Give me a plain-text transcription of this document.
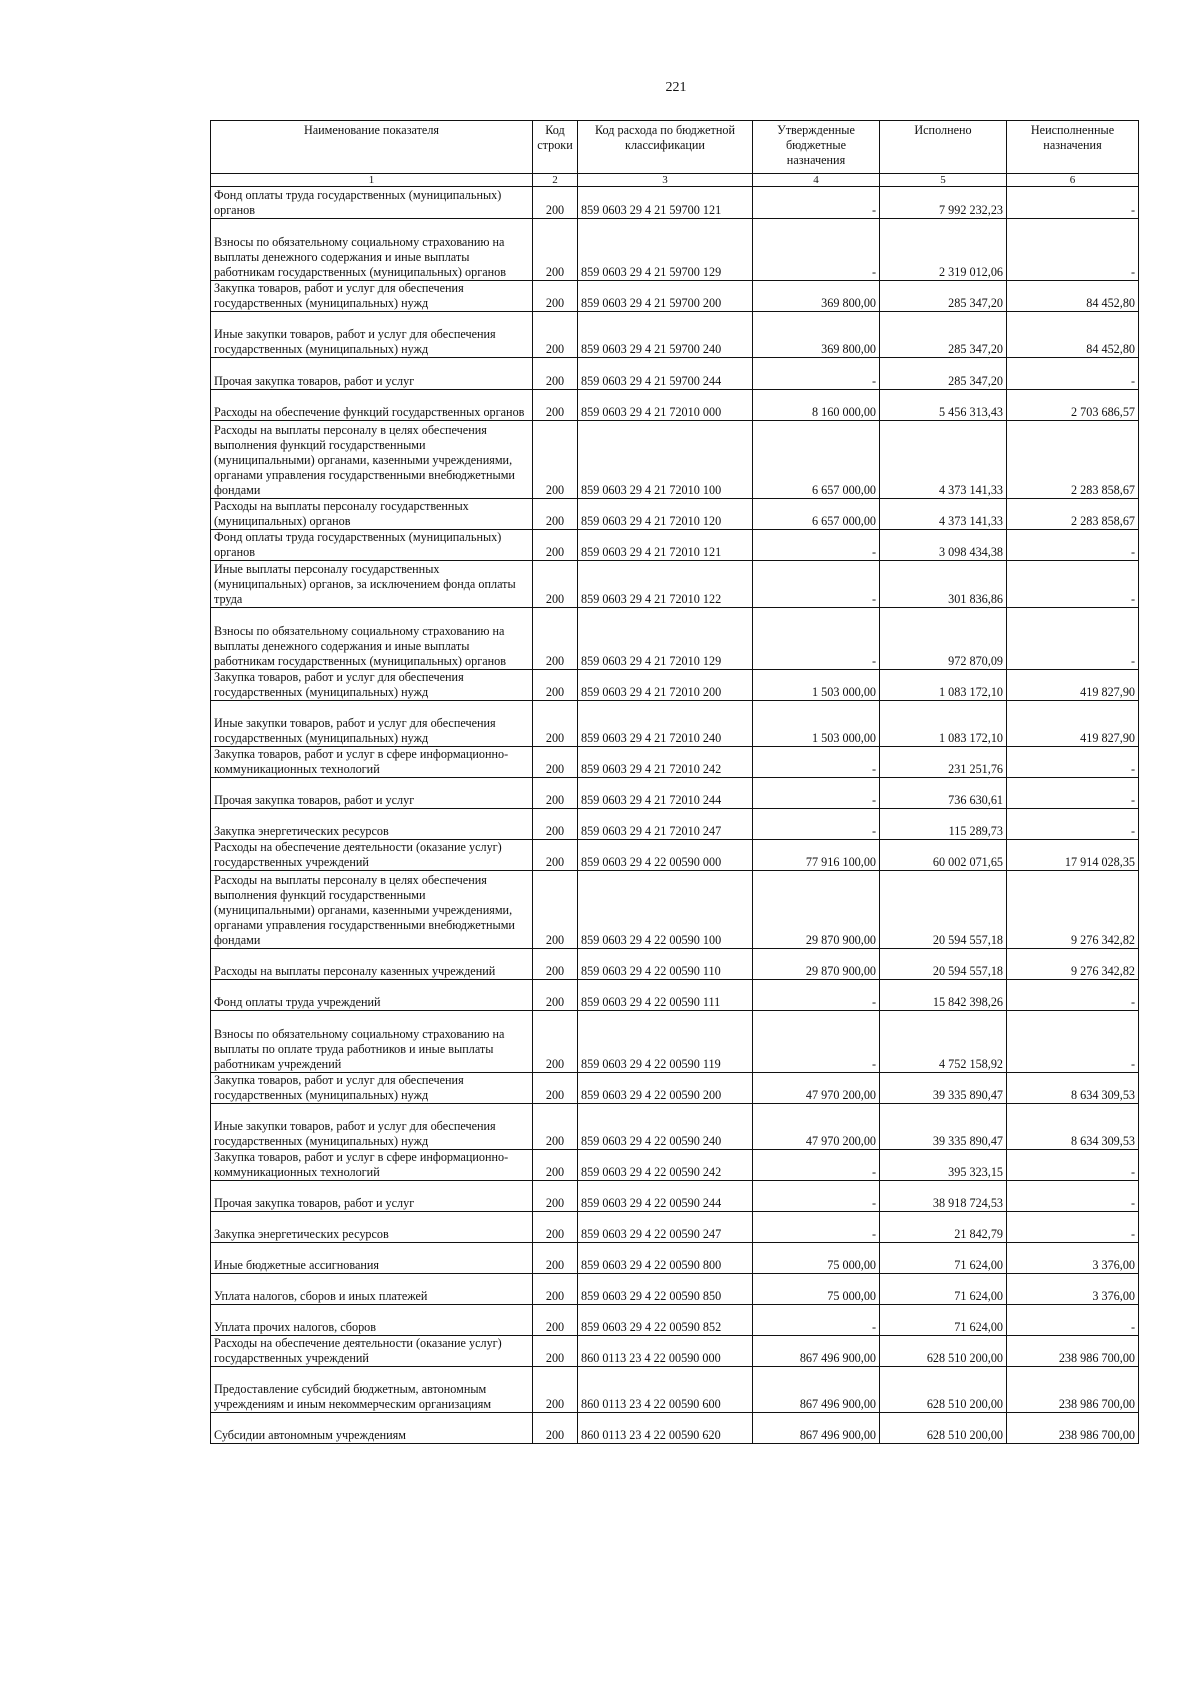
221
Наименование показателя	Код строки	Код расхода по бюджетной классификации	Утвержденные бюджетные назначения	Исполнено	Неисполненные назначения
1	2	3	4	5	6
Фонд оплаты труда государственных (муниципальных) органов	200	859 0603 29 4 21 59700 121	-	7 992 232,23	-
Взносы по обязательному социальному страхованию на выплаты денежного содержания и иные выплаты работникам государственных (муниципальных) органов	200	859 0603 29 4 21 59700 129	-	2 319 012,06	-
Закупка товаров, работ и услуг для обеспечения государственных (муниципальных) нужд	200	859 0603 29 4 21 59700 200	369 800,00	285 347,20	84 452,80
Иные закупки товаров, работ и услуг для обеспечения государственных (муниципальных) нужд	200	859 0603 29 4 21 59700 240	369 800,00	285 347,20	84 452,80
Прочая закупка товаров, работ и услуг	200	859 0603 29 4 21 59700 244	-	285 347,20	-
Расходы на обеспечение функций государственных органов	200	859 0603 29 4 21 72010 000	8 160 000,00	5 456 313,43	2 703 686,57
Расходы на выплаты персоналу в целях обеспечения выполнения функций государственными (муниципальными) органами, казенными учреждениями, органами управления государственными внебюджетными фондами	200	859 0603 29 4 21 72010 100	6 657 000,00	4 373 141,33	2 283 858,67
Расходы на выплаты персоналу государственных (муниципальных) органов	200	859 0603 29 4 21 72010 120	6 657 000,00	4 373 141,33	2 283 858,67
Фонд оплаты труда государственных (муниципальных) органов	200	859 0603 29 4 21 72010 121	-	3 098 434,38	-
Иные выплаты персоналу государственных (муниципальных) органов, за исключением фонда оплаты труда	200	859 0603 29 4 21 72010 122	-	301 836,86	-
Взносы по обязательному социальному страхованию на выплаты денежного содержания и иные выплаты работникам государственных (муниципальных) органов	200	859 0603 29 4 21 72010 129	-	972 870,09	-
Закупка товаров, работ и услуг для обеспечения государственных (муниципальных) нужд	200	859 0603 29 4 21 72010 200	1 503 000,00	1 083 172,10	419 827,90
Иные закупки товаров, работ и услуг для обеспечения государственных (муниципальных) нужд	200	859 0603 29 4 21 72010 240	1 503 000,00	1 083 172,10	419 827,90
Закупка товаров, работ и услуг в сфере информационно-коммуникационных технологий	200	859 0603 29 4 21 72010 242	-	231 251,76	-
Прочая закупка товаров, работ и услуг	200	859 0603 29 4 21 72010 244	-	736 630,61	-
Закупка энергетических ресурсов	200	859 0603 29 4 21 72010 247	-	115 289,73	-
Расходы на обеспечение деятельности (оказание услуг) государственных учреждений	200	859 0603 29 4 22 00590 000	77 916 100,00	60 002 071,65	17 914 028,35
Расходы на выплаты персоналу в целях обеспечения выполнения функций государственными (муниципальными) органами, казенными учреждениями, органами управления государственными внебюджетными фондами	200	859 0603 29 4 22 00590 100	29 870 900,00	20 594 557,18	9 276 342,82
Расходы на выплаты персоналу казенных учреждений	200	859 0603 29 4 22 00590 110	29 870 900,00	20 594 557,18	9 276 342,82
Фонд оплаты труда учреждений	200	859 0603 29 4 22 00590 111	-	15 842 398,26	-
Взносы по обязательному социальному страхованию на выплаты по оплате труда работников и иные выплаты работникам учреждений	200	859 0603 29 4 22 00590 119	-	4 752 158,92	-
Закупка товаров, работ и услуг для обеспечения государственных (муниципальных) нужд	200	859 0603 29 4 22 00590 200	47 970 200,00	39 335 890,47	8 634 309,53
Иные закупки товаров, работ и услуг для обеспечения государственных (муниципальных) нужд	200	859 0603 29 4 22 00590 240	47 970 200,00	39 335 890,47	8 634 309,53
Закупка товаров, работ и услуг в сфере информационно-коммуникационных технологий	200	859 0603 29 4 22 00590 242	-	395 323,15	-
Прочая закупка товаров, работ и услуг	200	859 0603 29 4 22 00590 244	-	38 918 724,53	-
Закупка энергетических ресурсов	200	859 0603 29 4 22 00590 247	-	21 842,79	-
Иные бюджетные ассигнования	200	859 0603 29 4 22 00590 800	75 000,00	71 624,00	3 376,00
Уплата налогов, сборов и иных платежей	200	859 0603 29 4 22 00590 850	75 000,00	71 624,00	3 376,00
Уплата прочих налогов, сборов	200	859 0603 29 4 22 00590 852	-	71 624,00	-
Расходы на обеспечение деятельности (оказание услуг) государственных учреждений	200	860 0113 23 4 22 00590 000	867 496 900,00	628 510 200,00	238 986 700,00
Предоставление субсидий бюджетным, автономным учреждениям и иным некоммерческим организациям	200	860 0113 23 4 22 00590 600	867 496 900,00	628 510 200,00	238 986 700,00
Субсидии автономным учреждениям	200	860 0113 23 4 22 00590 620	867 496 900,00	628 510 200,00	238 986 700,00
